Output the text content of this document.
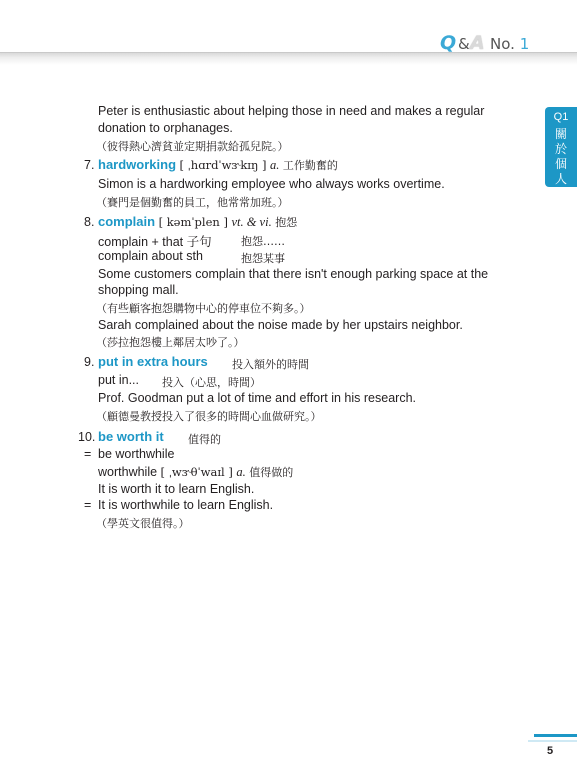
Q & A No. 1
Q1
關於個人
Peter is enthusiastic about helping those in need and makes a regular
donation to orphanages.
（彼得熱心濟貧並定期捐款給孤兒院。）
7. hardworking [ ˌhɑrdˈwɝkɪŋ ] a. 工作勤奮的
Simon is a hardworking employee who always works overtime.
（賽門是個勤奮的員工，他常常加班。）
8. complain [ kəmˈplen ] vt. & vi. 抱怨
complain + that 子句	抱怨……
complain about sth	抱怨某事
Some customers complain that there isn't enough parking space at the
shopping mall.
（有些顧客抱怨購物中心的停車位不夠多。）
Sarah complained about the noise made by her upstairs neighbor.
（莎拉抱怨樓上鄰居太吵了。）
9. put in extra hours 投入額外的時間
put in... 投入（心思，時間）
Prof. Goodman put a lot of time and effort in his research.
（顧德曼教授投入了很多的時間心血做研究。）
10. be worth it 值得的
= be worthwhile
worthwhile [ ˌwɝθˈwaɪl ] a. 值得做的
It is worth it to learn English.
= It is worthwhile to learn English.
（學英文很值得。）
5
